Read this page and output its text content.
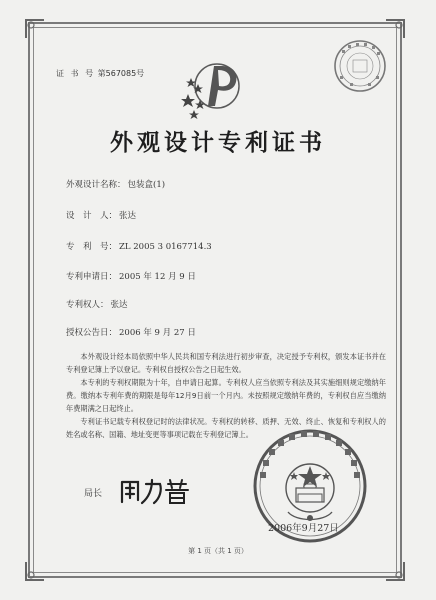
证 书 号 第567085号
外观设计专利证书
外观设计名称： 包装盒(1)
设　计　人： 张达
专　利　号： ZL 2005 3 0167714.3
专利申请日： 2005 年 12 月 9 日
专利权人： 张达
授权公告日： 2006 年 9 月 27 日

本外观设计经本局依照中华人民共和国专利法进行初步审查，决定授予专利权，颁发本证书并在专利登记簿上予以登记。专利权自授权公告之日起生效。

本专利的专利权期限为十年，自申请日起算。专利权人应当依照专利法及其实施细则规定缴纳年费。缴纳本专利年费的期限是每年12月9日前一个月内。未按照规定缴纳年费的，专利权自应当缴纳年费期满之日起终止。

专利证书记载专利权登记时的法律状况。专利权的转移、质押、无效、终止、恢复和专利权人的姓名或名称、国籍、地址变更等事项记载在专利登记簿上。

局长
2006年9月27日
第 1 页（共 1 页）
